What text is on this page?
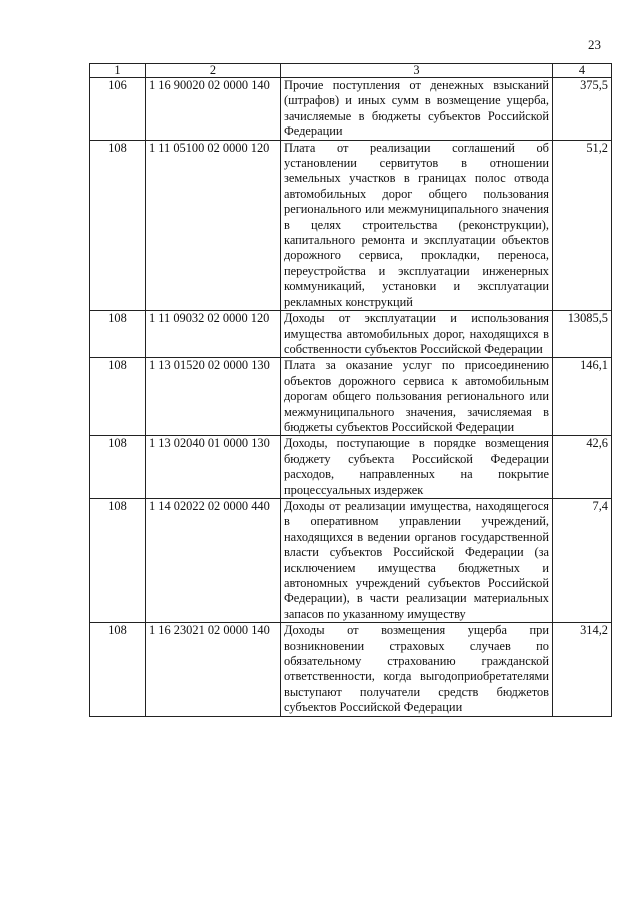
23
1	2	3	4
106	1 16 90020 02 0000 140	Прочие поступления от денежных взысканий (штрафов) и иных сумм в возмещение ущерба, зачисляемые в бюджеты субъектов Российской Федерации	375,5
108	1 11 05100 02 0000 120	Плата от реализации соглашений об установлении сервитутов в отношении земельных участков в границах полос отвода автомобильных дорог общего пользования регионального или межмуниципального значения в целях строительства (реконструкции), капитального ремонта и эксплуатации объектов дорожного сервиса, прокладки, переноса, переустройства и эксплуатации инженерных коммуникаций, установки и эксплуатации рекламных конструкций	51,2
108	1 11 09032 02 0000 120	Доходы от эксплуатации и использования имущества автомобильных дорог, находящихся в собственности субъектов Российской Федерации	13085,5
108	1 13 01520 02 0000 130	Плата за оказание услуг по присоединению объектов дорожного сервиса к автомобильным дорогам общего пользования регионального или межмуниципального значения, зачисляемая в бюджеты субъектов Российской Федерации	146,1
108	1 13 02040 01 0000 130	Доходы, поступающие в порядке возмещения бюджету субъекта Российской Федерации расходов, направленных на покрытие процессуальных издержек	42,6
108	1 14 02022 02 0000 440	Доходы от реализации имущества, находящегося в оперативном управлении учреждений, находящихся в ведении органов государственной власти субъектов Российской Федерации (за исключением имущества бюджетных и автономных учреждений субъектов Российской Федерации), в части реализации материальных запасов по указанному имуществу	7,4
108	1 16 23021 02 0000 140	Доходы от возмещения ущерба при возникновении страховых случаев по обязательному страхованию гражданской ответственности, когда выгодоприобретателями выступают получатели средств бюджетов субъектов Российской Федерации	314,2
